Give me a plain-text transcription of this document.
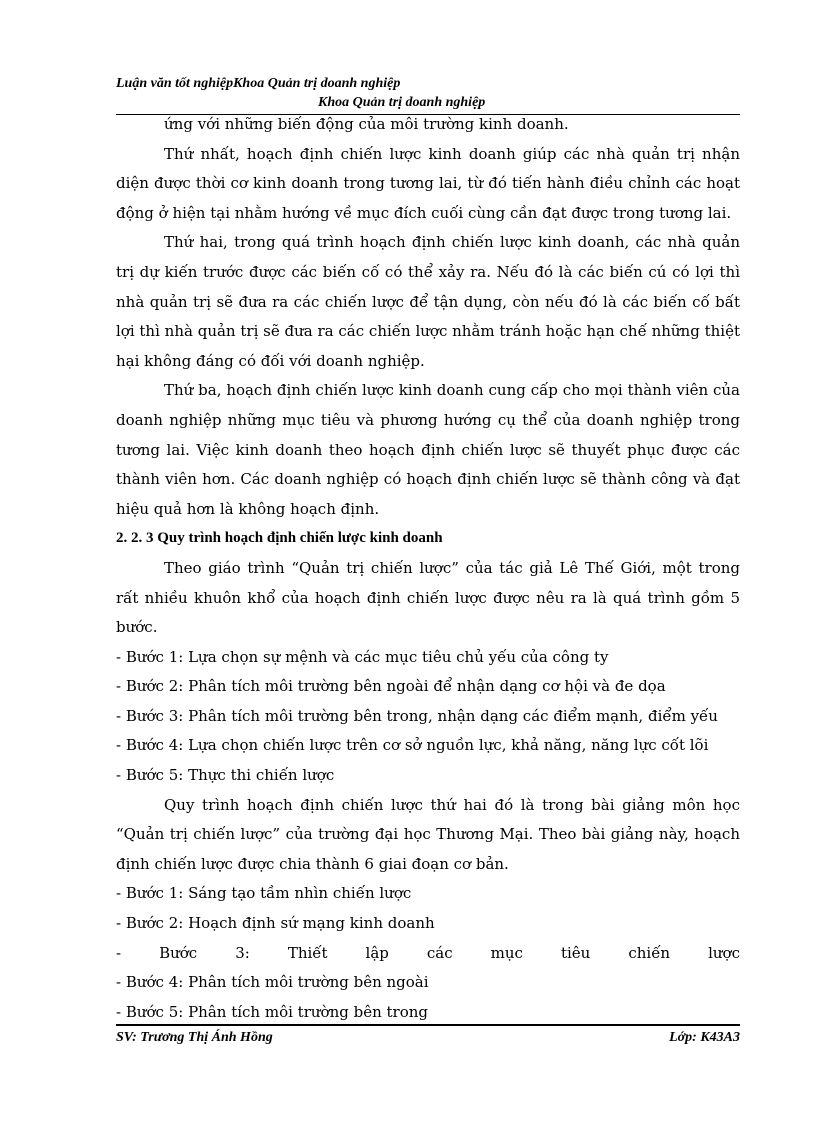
Luận văn tốt nghiệpKhoa Quản trị doanh nghiệp
Khoa Quản trị doanh nghiệp

ứng với những biến động của môi trường kinh doanh.

Thứ nhất, hoạch định chiến lược kinh doanh giúp các nhà quản trị nhận diện được thời cơ kinh doanh trong tương lai, từ đó tiến hành điều chỉnh các hoạt động ở hiện tại nhằm hướng về mục đích cuối cùng cần đạt được trong tương lai.

Thứ hai, trong quá trình hoạch định chiến lược kinh doanh, các nhà quản trị dự kiến trước được các biến cố có thể xảy ra. Nếu đó là các biến cú có lợi thì nhà quản trị sẽ đưa ra các chiến lược để tận dụng, còn nếu đó là các biến cố bất lợi thì nhà quản trị sẽ đưa ra các chiến lược nhằm tránh hoặc hạn chế những thiệt hại không đáng có đối với doanh nghiệp.

Thứ ba, hoạch định chiến lược kinh doanh cung cấp cho mọi thành viên của doanh nghiệp những mục tiêu và phương hướng cụ thể của doanh nghiệp trong tương lai. Việc kinh doanh theo hoạch định chiến lược sẽ thuyết phục được các thành viên hơn. Các doanh nghiệp có hoạch định chiến lược sẽ thành công và đạt hiệu quả hơn là không hoạch định.

2. 2. 3 Quy trình hoạch định chiến lược kinh doanh

Theo giáo trình “Quản trị chiến lược” của tác giả Lê Thế Giới, một trong rất nhiều khuôn khổ của hoạch định chiến lược được nêu ra là quá trình gồm 5 bước.

- Bước 1: Lựa chọn sự mệnh và các mục tiêu chủ yếu của công ty

- Bước 2: Phân tích môi trường bên ngoài để nhận dạng cơ hội và đe dọa

- Bước 3: Phân tích môi trường bên trong, nhận dạng các điểm mạnh, điểm yếu

- Bước 4: Lựa chọn chiến lược trên cơ sở nguồn lực, khả năng, năng lực cốt lõi

- Bước 5: Thực thi chiến lược

Quy trình hoạch định chiến lược thứ hai đó là trong bài giảng môn học “Quản trị chiến lược” của trường đại học Thương Mại. Theo bài giảng này, hoạch định chiến lược được chia thành 6 giai đoạn cơ bản.

- Bước 1: Sáng tạo tầm nhìn chiến lược

- Bước 2: Hoạch định sứ mạng kinh doanh

- Bước 3: Thiết lập các mục tiêu chiến lược

- Bước 4: Phân tích môi trường bên ngoài

- Bước 5: Phân tích môi trường bên trong

SV: Trương Thị Ánh Hồng	Lớp: K43A3
